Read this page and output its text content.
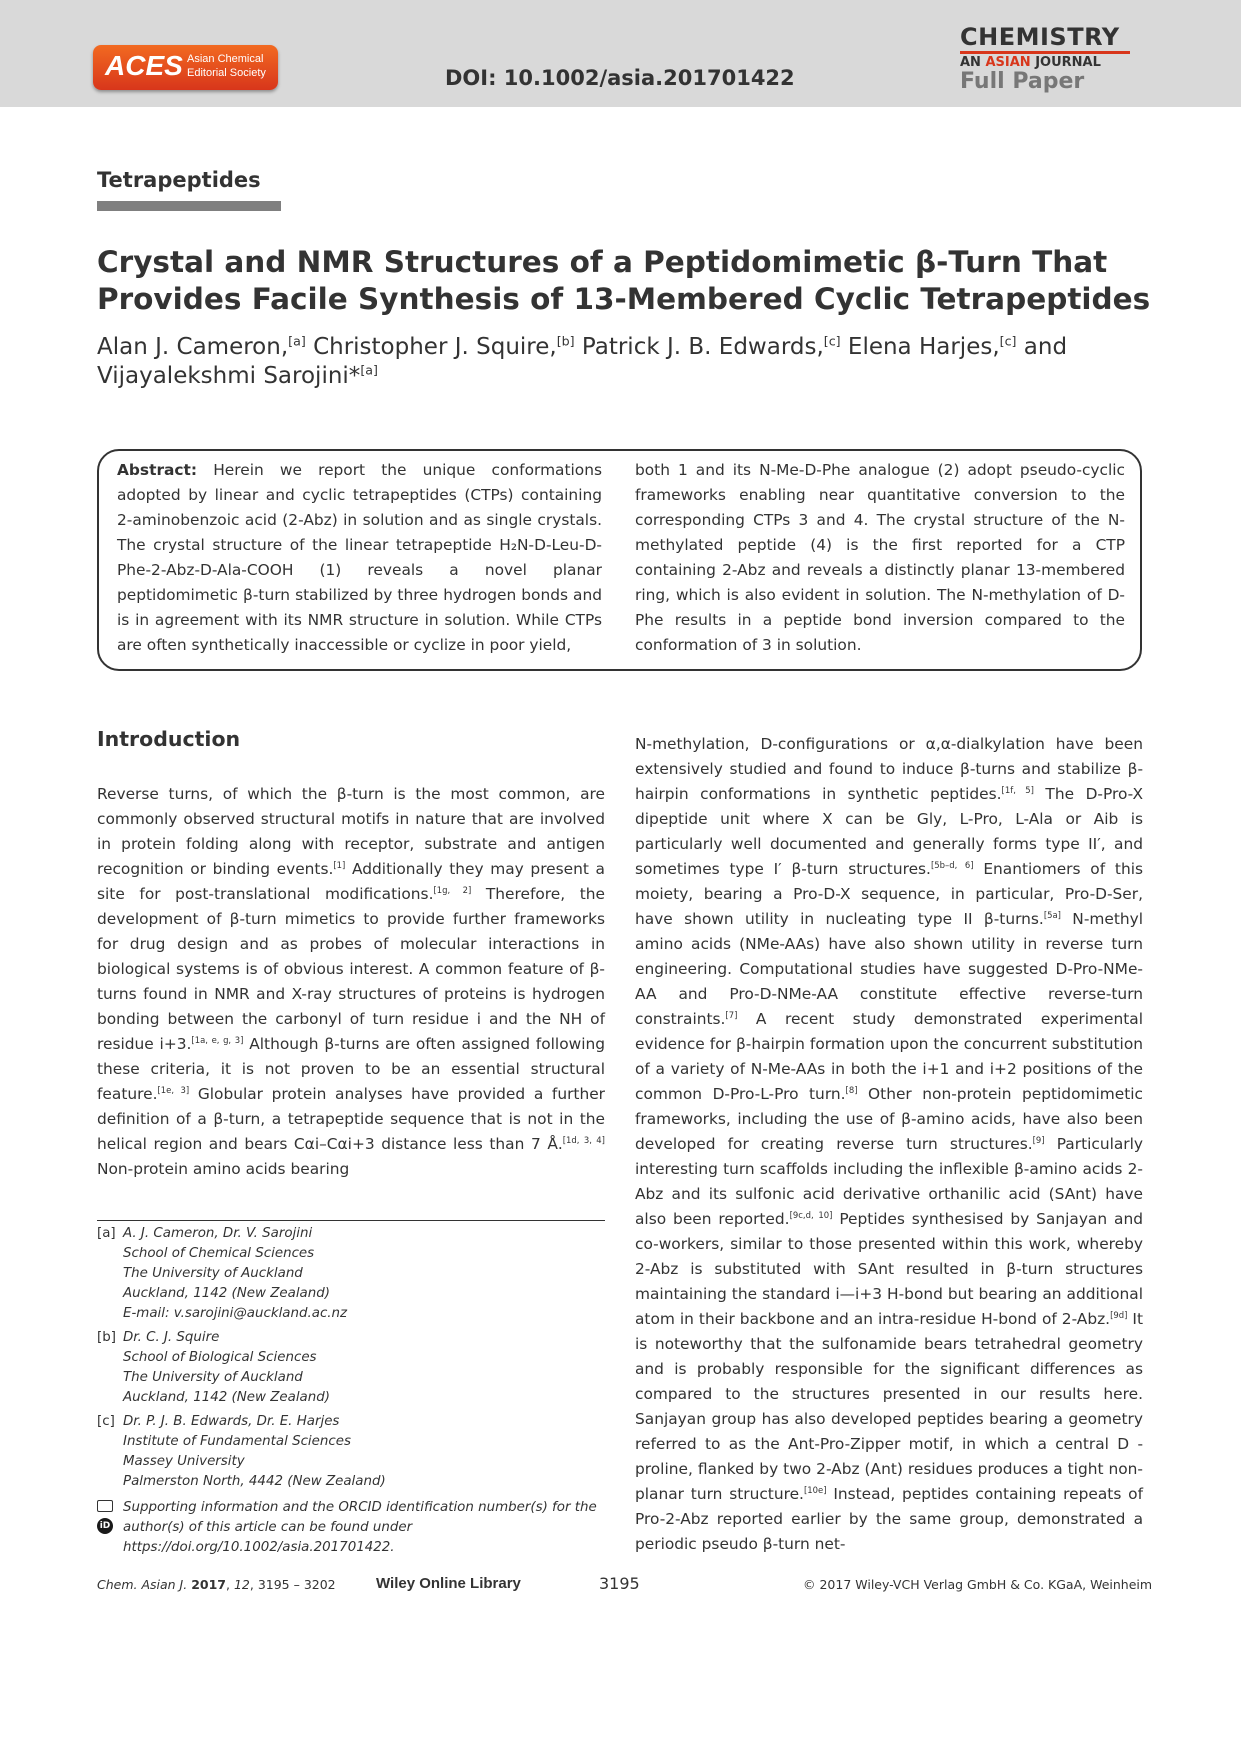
ACES Asian Chemical Editorial Society	DOI: 10.1002/asia.201701422
CHEMISTRY
AN ASIAN JOURNAL
Full Paper
Tetrapeptides
Crystal and NMR Structures of a Peptidomimetic β-Turn That Provides Facile Synthesis of 13-Membered Cyclic Tetrapeptides
Alan J. Cameron,[a] Christopher J. Squire,[b] Patrick J. B. Edwards,[c] Elena Harjes,[c] and
Vijayalekshmi Sarojini*[a]
Abstract: Herein we report the unique conformations adopted by linear and cyclic tetrapeptides (CTPs) containing 2-aminobenzoic acid (2-Abz) in solution and as single crystals. The crystal structure of the linear tetrapeptide H₂N-D-Leu-D-Phe-2-Abz-D-Ala-COOH (1) reveals a novel planar peptidomimetic β-turn stabilized by three hydrogen bonds and is in agreement with its NMR structure in solution. While CTPs are often synthetically inaccessible or cyclize in poor yield,
both 1 and its N-Me-D-Phe analogue (2) adopt pseudo-cyclic frameworks enabling near quantitative conversion to the corresponding CTPs 3 and 4. The crystal structure of the N-methylated peptide (4) is the first reported for a CTP containing 2-Abz and reveals a distinctly planar 13-membered ring, which is also evident in solution. The N-methylation of D-Phe results in a peptide bond inversion compared to the conformation of 3 in solution.
Introduction
Reverse turns, of which the β-turn is the most common, are commonly observed structural motifs in nature that are involved in protein folding along with receptor, substrate and antigen recognition or binding events.[1] Additionally they may present a site for post-translational modifications.[1g, 2] Therefore, the development of β-turn mimetics to provide further frameworks for drug design and as probes of molecular interactions in biological systems is of obvious interest. A common feature of β-turns found in NMR and X-ray structures of proteins is hydrogen bonding between the carbonyl of turn residue i and the NH of residue i+3.[1a, e, g, 3] Although β-turns are often assigned following these criteria, it is not proven to be an essential structural feature.[1e, 3] Globular protein analyses have provided a further definition of a β-turn, a tetrapeptide sequence that is not in the helical region and bears Cαi–Cαi+3 distance less than 7 Å.[1d, 3, 4] Non-protein amino acids bearing
N-methylation, D-configurations or α,α-dialkylation have been extensively studied and found to induce β-turns and stabilize β-hairpin conformations in synthetic peptides.[1f, 5] The D-Pro-X dipeptide unit where X can be Gly, L-Pro, L-Ala or Aib is particularly well documented and generally forms type II′, and sometimes type I′ β-turn structures.[5b–d, 6] Enantiomers of this moiety, bearing a Pro-D-X sequence, in particular, Pro-D-Ser, have shown utility in nucleating type II β-turns.[5a] N-methyl amino acids (NMe-AAs) have also shown utility in reverse turn engineering. Computational studies have suggested D-Pro-NMe-AA and Pro-D-NMe-AA constitute effective reverse-turn constraints.[7] A recent study demonstrated experimental evidence for β-hairpin formation upon the concurrent substitution of a variety of N-Me-AAs in both the i+1 and i+2 positions of the common D-Pro-L-Pro turn.[8] Other non-protein peptidomimetic frameworks, including the use of β-amino acids, have also been developed for creating reverse turn structures.[9] Particularly interesting turn scaffolds including the inflexible β-amino acids 2-Abz and its sulfonic acid derivative orthanilic acid (SAnt) have also been reported.[9c,d, 10] Peptides synthesised by Sanjayan and co-workers, similar to those presented within this work, whereby 2-Abz is substituted with SAnt resulted in β-turn structures maintaining the standard i—i+3 H-bond but bearing an additional atom in their backbone and an intra-residue H-bond of 2-Abz.[9d] It is noteworthy that the sulfonamide bears tetrahedral geometry and is probably responsible for the significant differences as compared to the structures presented in our results here. Sanjayan group has also developed peptides bearing a geometry referred to as the Ant-Pro-Zipper motif, in which a central D -proline, flanked by two 2-Abz (Ant) residues produces a tight non-planar turn structure.[10e] Instead, peptides containing repeats of Pro-2-Abz reported earlier by the same group, demonstrated a periodic pseudo β-turn net-
[a] A. J. Cameron, Dr. V. Sarojini
School of Chemical Sciences
The University of Auckland
Auckland, 1142 (New Zealand)
E-mail: v.sarojini@auckland.ac.nz
[b] Dr. C. J. Squire
School of Biological Sciences
The University of Auckland
Auckland, 1142 (New Zealand)
[c] Dr. P. J. B. Edwards, Dr. E. Harjes
Institute of Fundamental Sciences
Massey University
Palmerston North, 4442 (New Zealand)
iD
Supporting information and the ORCID identification number(s) for the author(s) of this article can be found under https://doi.org/10.1002/asia.201701422.
Chem. Asian J. 2017, 12, 3195 – 3202	Wiley Online Library	3195	© 2017 Wiley-VCH Verlag GmbH & Co. KGaA, Weinheim
